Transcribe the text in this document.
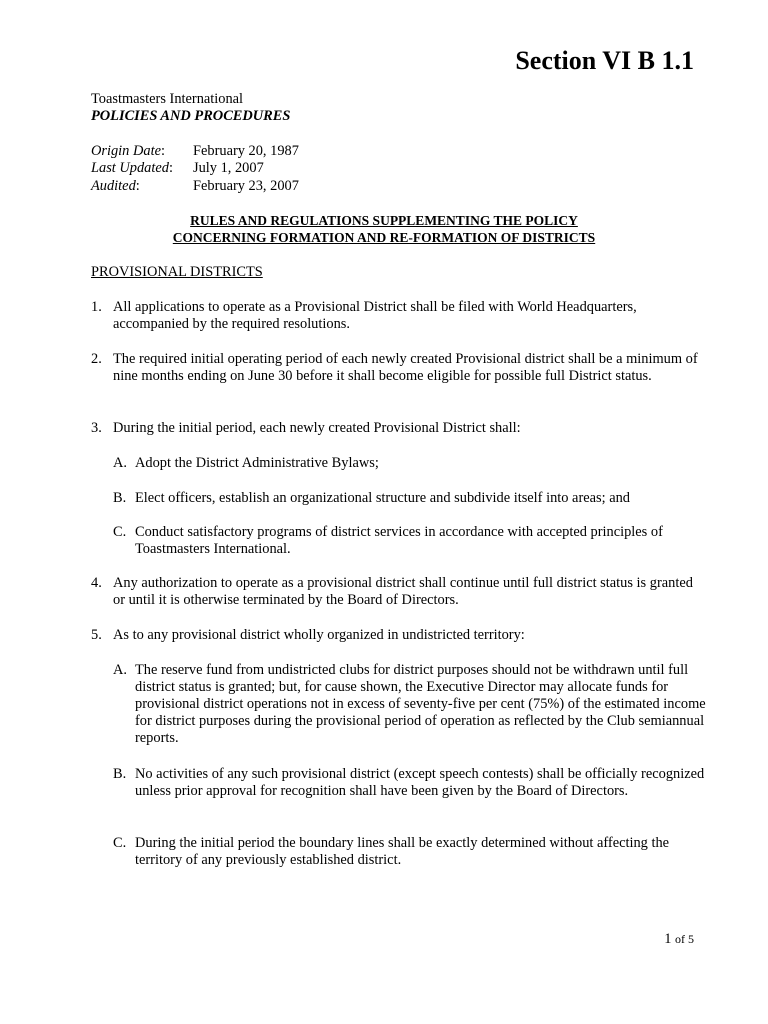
Section VI B 1.1
Toastmasters International
POLICIES AND PROCEDURES
Origin Date: February 20, 1987
Last Updated: July 1, 2007
Audited:	February 23, 2007
RULES AND REGULATIONS SUPPLEMENTING THE POLICY
CONCERNING FORMATION AND RE-FORMATION OF DISTRICTS
PROVISIONAL DISTRICTS
1. All applications to operate as a Provisional District shall be filed with World Headquarters, accompanied by the required resolutions.
2. The required initial operating period of each newly created Provisional district shall be a minimum of nine months ending on June 30 before it shall become eligible for possible full District status.
3. During the initial period, each newly created Provisional District shall:
A. Adopt the District Administrative Bylaws;
B. Elect officers, establish an organizational structure and subdivide itself into areas; and
C. Conduct satisfactory programs of district services in accordance with accepted principles of Toastmasters International.
4. Any authorization to operate as a provisional district shall continue until full district status is granted or until it is otherwise terminated by the Board of Directors.
5. As to any provisional district wholly organized in undistricted territory:
A. The reserve fund from undistricted clubs for district purposes should not be withdrawn until full district status is granted; but, for cause shown, the Executive Director may allocate funds for provisional district operations not in excess of seventy-five per cent (75%) of the estimated income for district purposes during the provisional period of operation as reflected by the Club semiannual reports.
B. No activities of any such provisional district (except speech contests) shall be officially recognized unless prior approval for recognition shall have been given by the Board of Directors.
C. During the initial period the boundary lines shall be exactly determined without affecting the territory of any previously established district.
1 of 5
